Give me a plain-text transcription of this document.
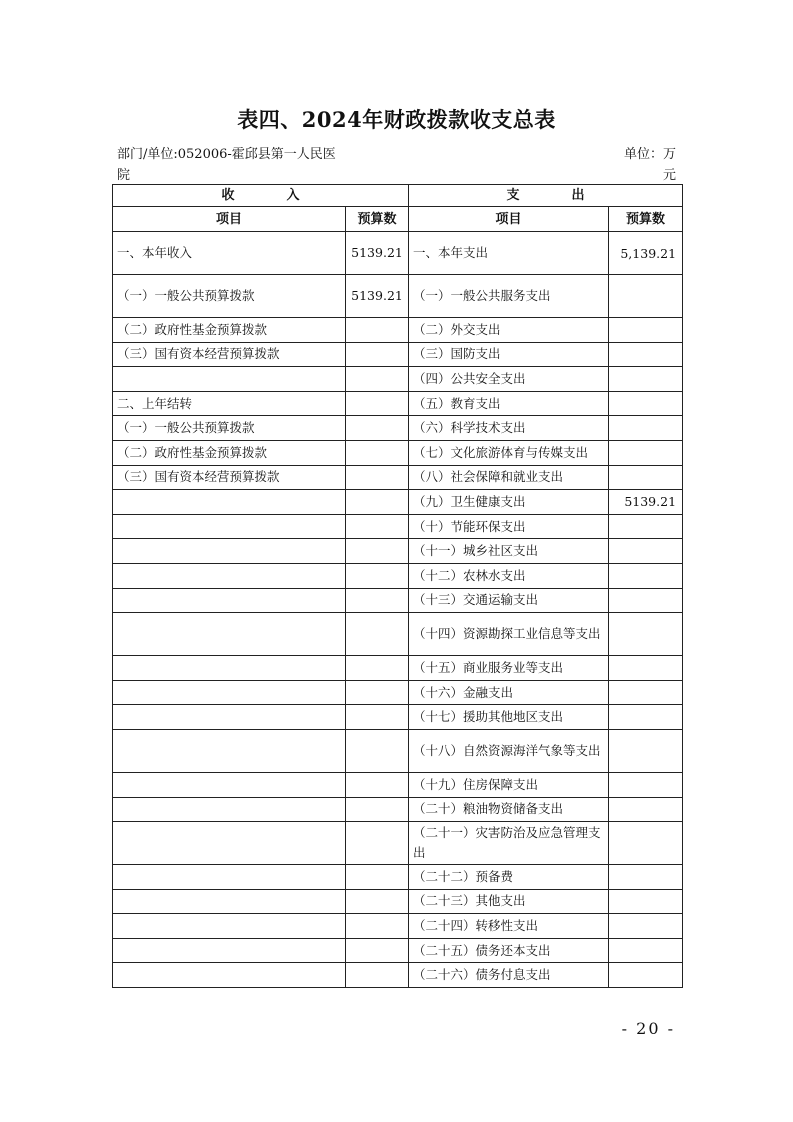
表四、2024年财政拨款收支总表
部门/单位:052006-霍邱县第一人民医院
单位：万元
收　　　　入		支　　　　出	
项目	预算数	项目	预算数
一、本年收入	5139.21	一、本年支出	5,139.21
（一）一般公共预算拨款	5139.21	（一）一般公共服务支出	
（二）政府性基金预算拨款		（二）外交支出	
（三）国有资本经营预算拨款		（三）国防支出	
		（四）公共安全支出	
二、上年结转		（五）教育支出	
（一）一般公共预算拨款		（六）科学技术支出	
（二）政府性基金预算拨款		（七）文化旅游体育与传媒支出	
（三）国有资本经营预算拨款		（八）社会保障和就业支出	
		（九）卫生健康支出	5139.21
		（十）节能环保支出	
		（十一）城乡社区支出	
		（十二）农林水支出	
		（十三）交通运输支出	
		（十四）资源勘探工业信息等支出	
		（十五）商业服务业等支出	
		（十六）金融支出	
		（十七）援助其他地区支出	
		（十八）自然资源海洋气象等支出	
		（十九）住房保障支出	
		（二十）粮油物资储备支出	
		（二十一）灾害防治及应急管理支出	
		（二十二）预备费	
		（二十三）其他支出	
		（二十四）转移性支出	
		（二十五）债务还本支出	
		（二十六）债务付息支出	
- 20 -
